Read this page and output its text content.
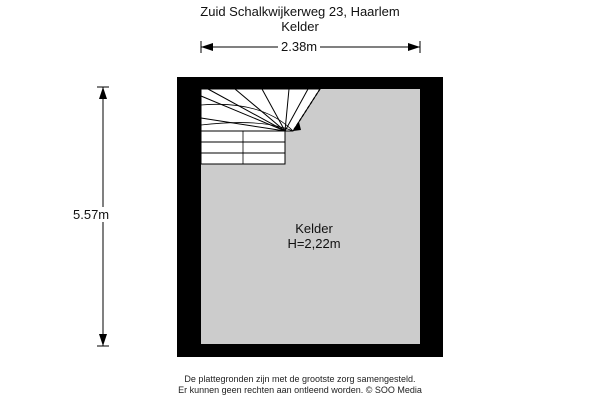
Zuid Schalkwijkerweg 23, Haarlem
Kelder
2.38m
5.57m
Kelder
H=2,22m
De plattegronden zijn met de grootste zorg samengesteld.
Er kunnen geen rechten aan ontleend worden. © SOO Media
